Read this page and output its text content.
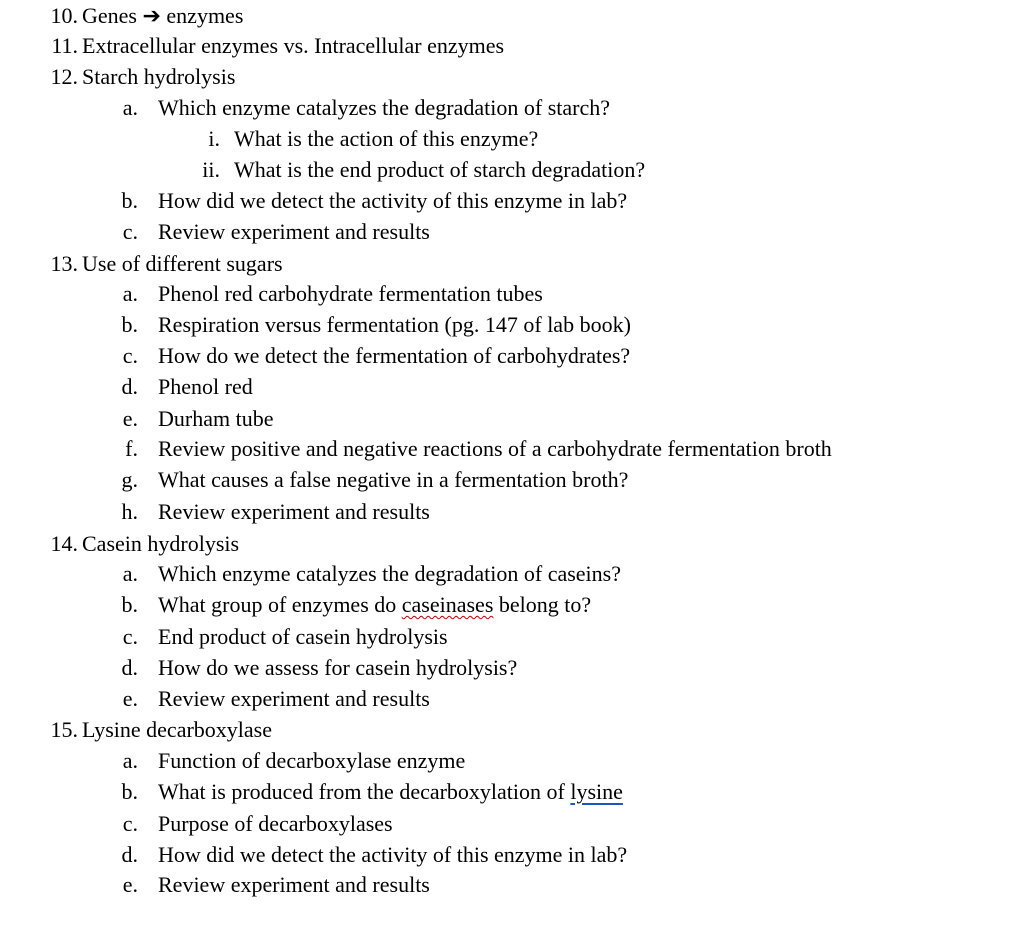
10. Genes ➔ enzymes
11. Extracellular enzymes vs. Intracellular enzymes
12. Starch hydrolysis
a. Which enzyme catalyzes the degradation of starch?
i. What is the action of this enzyme?
ii. What is the end product of starch degradation?
b. How did we detect the activity of this enzyme in lab?
c. Review experiment and results
13. Use of different sugars
a. Phenol red carbohydrate fermentation tubes
b. Respiration versus fermentation (pg. 147 of lab book)
c. How do we detect the fermentation of carbohydrates?
d. Phenol red
e. Durham tube
f. Review positive and negative reactions of a carbohydrate fermentation broth
g. What causes a false negative in a fermentation broth?
h. Review experiment and results
14. Casein hydrolysis
a. Which enzyme catalyzes the degradation of caseins?
b. What group of enzymes do caseinases belong to?
c. End product of casein hydrolysis
d. How do we assess for casein hydrolysis?
e. Review experiment and results
15. Lysine decarboxylase
a. Function of decarboxylase enzyme
b. What is produced from the decarboxylation of lysine
c. Purpose of decarboxylases
d. How did we detect the activity of this enzyme in lab?
e. Review experiment and results
